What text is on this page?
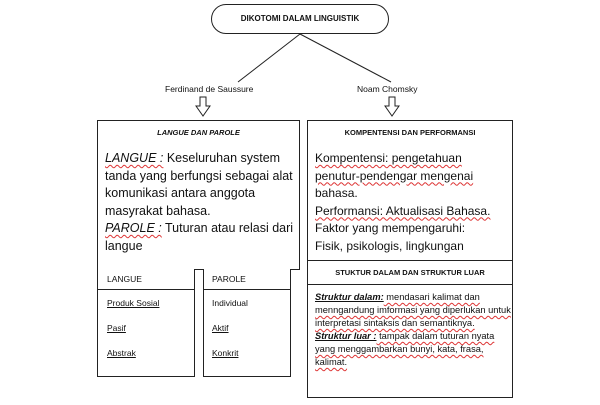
DIKOTOMI DALAM LINGUISTIK
Ferdinand de Saussure	Noam Chomsky
LANGUE DAN PAROLE
LANGUE : Keseluruhan system tanda yang berfungsi sebagai alat komunikasi antara anggota masyrakat bahasa.
PAROLE : Tuturan atau relasi dari langue
LANGUE
Produk Sosial
Pasif
Abstrak
PAROLE
Individual
Aktif
Konkrit
KOMPENTENSI DAN PERFORMANSI
Kompentensi: pengetahuan
penutur-pendengar mengenai
bahasa.
Performansi: Aktualisasi Bahasa.
Faktor yang mempengaruhi:
Fisik, psikologis, lingkungan
STUKTUR DALAM DAN STRUKTUR LUAR
Struktur dalam: mendasari kalimat dan menngandung imformasi yang diperlukan untuk interpretasi sintaksis dan semantiknya.
Struktur luar : tampak dalam tuturan nyata yang menggambarkan bunyi, kata, frasa, kalimat.
